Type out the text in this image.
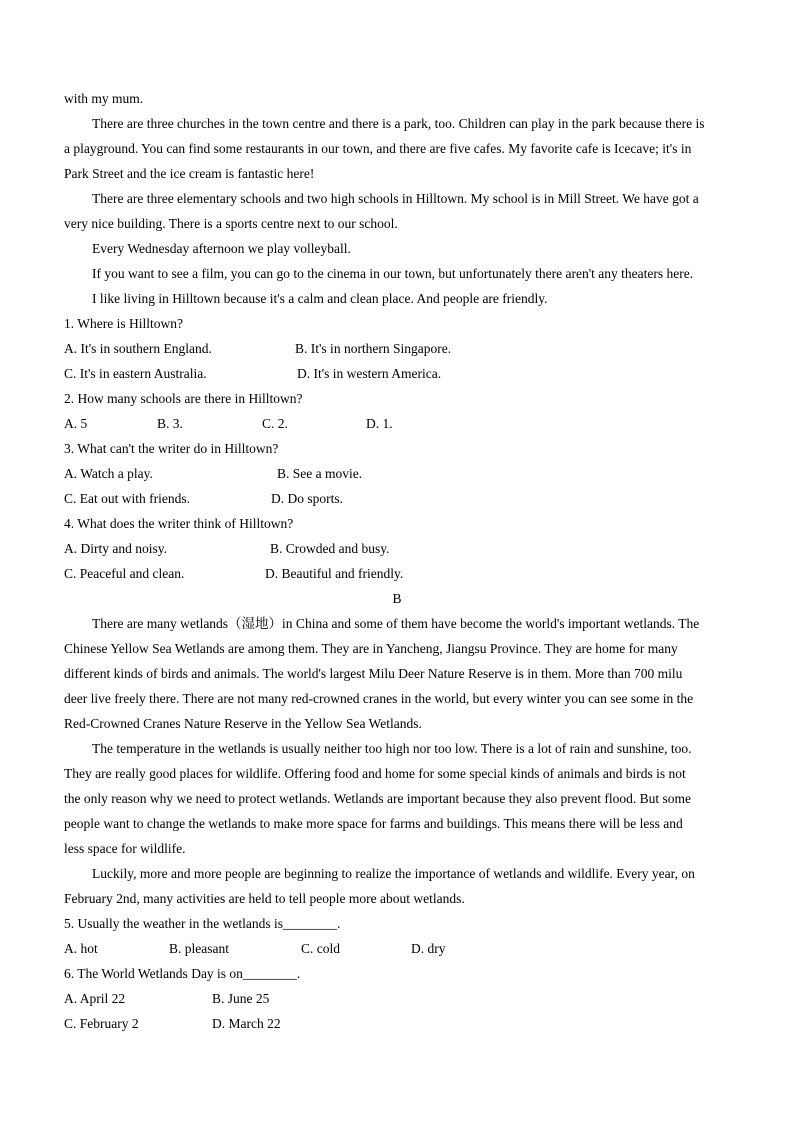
with my mum.
There are three churches in the town centre and there is a park, too. Children can play in the park because there is
a playground. You can find some restaurants in our town, and there are five cafes. My favorite cafe is Icecave; it's in
Park Street and the ice cream is fantastic here!
There are three elementary schools and two high schools in Hilltown. My school is in Mill Street. We have got a
very nice building. There is a sports centre next to our school.
Every Wednesday afternoon we play volleyball.
If you want to see a film, you can go to the cinema in our town, but unfortunately there aren't any theaters here.
I like living in Hilltown because it's a calm and clean place. And people are friendly.
1. Where is Hilltown?
A. It's in southern England.	B. It's in northern Singapore.
C. It's in eastern Australia.	D. It's in western America.
2. How many schools are there in Hilltown?
A. 5	B. 3.	C. 2.	D. 1.
3. What can't the writer do in Hilltown?
A. Watch a play.	B. See a movie.
C. Eat out with friends.	D. Do sports.
4. What does the writer think of Hilltown?
A. Dirty and noisy.	B. Crowded and busy.
C. Peaceful and clean.	D. Beautiful and friendly.
B
There are many wetlands（湿地）in China and some of them have become the world's important wetlands. The
Chinese Yellow Sea Wetlands are among them. They are in Yancheng, Jiangsu Province. They are home for many
different kinds of birds and animals. The world's largest Milu Deer Nature Reserve is in them. More than 700 milu
deer live freely there. There are not many red-crowned cranes in the world, but every winter you can see some in the
Red-Crowned Cranes Nature Reserve in the Yellow Sea Wetlands.
The temperature in the wetlands is usually neither too high nor too low. There is a lot of rain and sunshine, too.
They are really good places for wildlife. Offering food and home for some special kinds of animals and birds is not
the only reason why we need to protect wetlands. Wetlands are important because they also prevent flood. But some
people want to change the wetlands to make more space for farms and buildings. This means there will be less and
less space for wildlife.
Luckily, more and more people are beginning to realize the importance of wetlands and wildlife. Every year, on
February 2nd, many activities are held to tell people more about wetlands.
5. Usually the weather in the wetlands is________.
A. hot	B. pleasant	C. cold	D. dry
6. The World Wetlands Day is on________.
A. April 22	B. June 25
C. February 2	D. March 22
